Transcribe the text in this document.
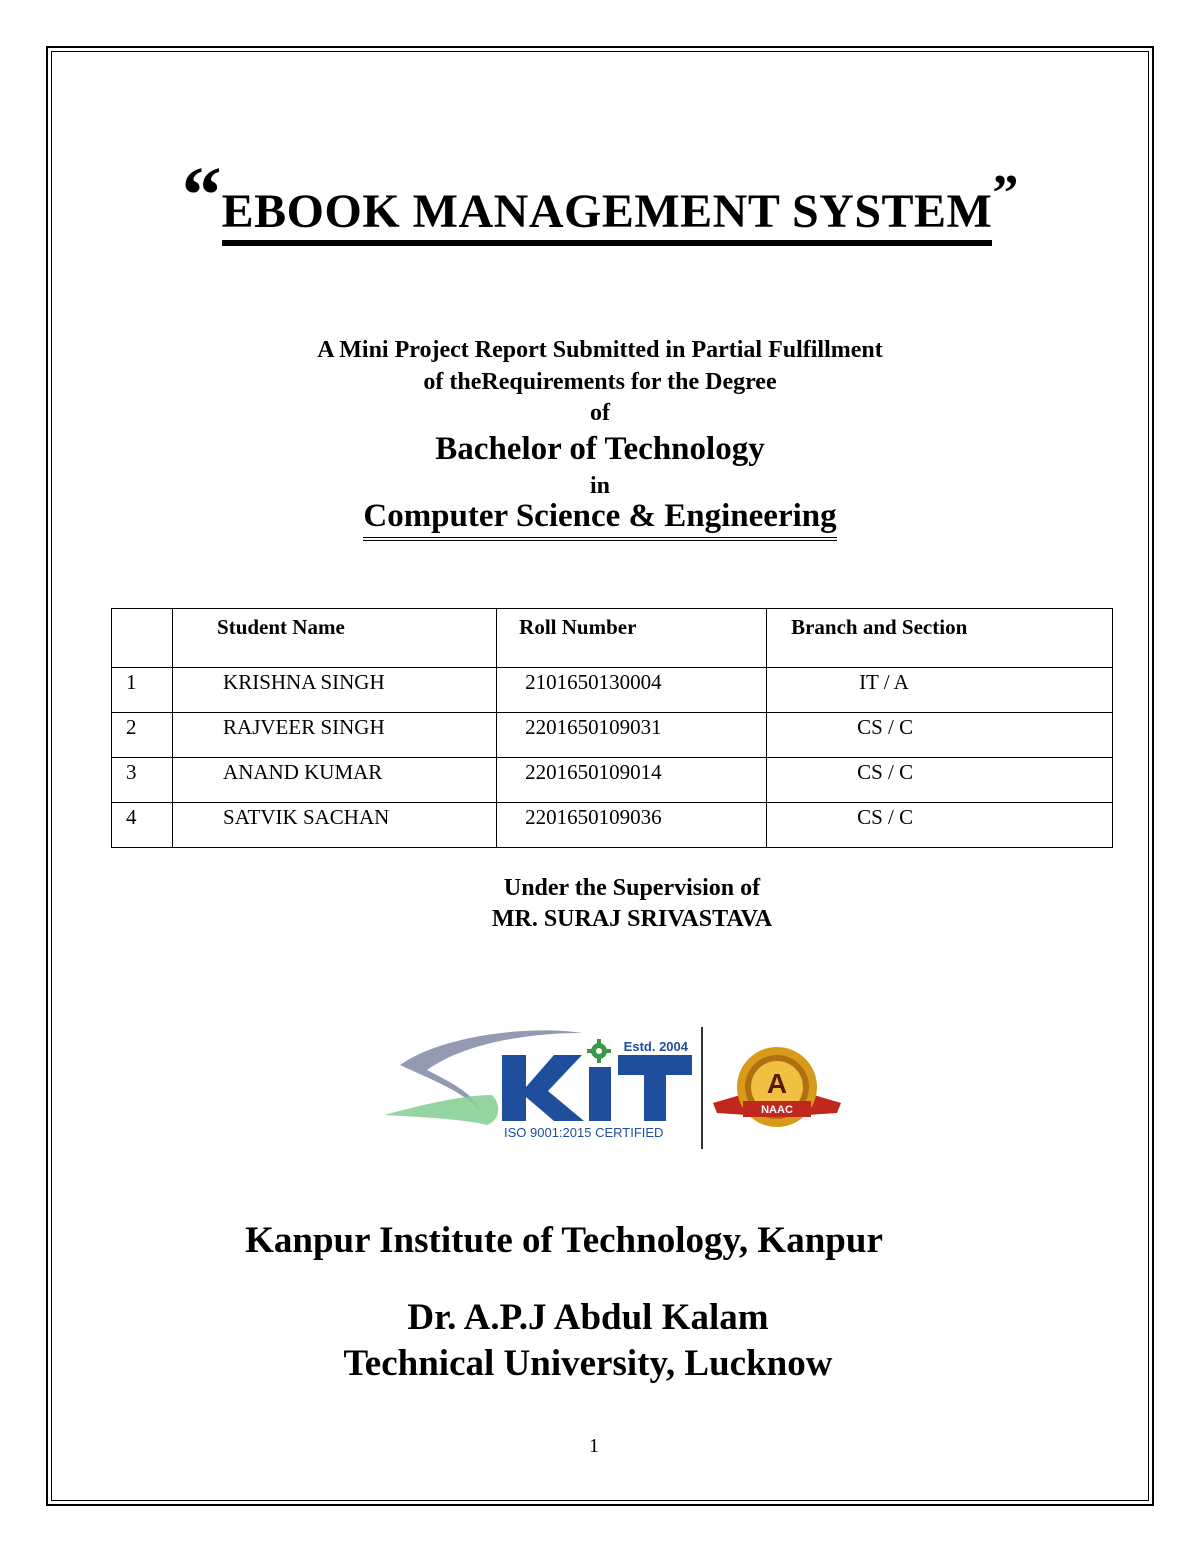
“EBOOK MANAGEMENT SYSTEM”
A Mini Project Report Submitted in Partial Fulfillment
of theRequirements for the Degree
of
Bachelor of Technology
in
Computer Science & Engineering
	Student Name	Roll Number	Branch and Section
1	KRISHNA SINGH	2101650130004	IT / A
2	RAJVEER SINGH	2201650109031	CS / C
3	ANAND KUMAR	2201650109014	CS / C
4	SATVIK SACHAN	2201650109036	CS / C
Under the Supervision of
MR. SURAJ SRIVASTAVA
Estd. 2004
ISO 9001:2015 CERTIFIED
A
NAAC
Kanpur Institute of Technology, Kanpur
Dr. A.P.J Abdul Kalam
Technical University, Lucknow
1
